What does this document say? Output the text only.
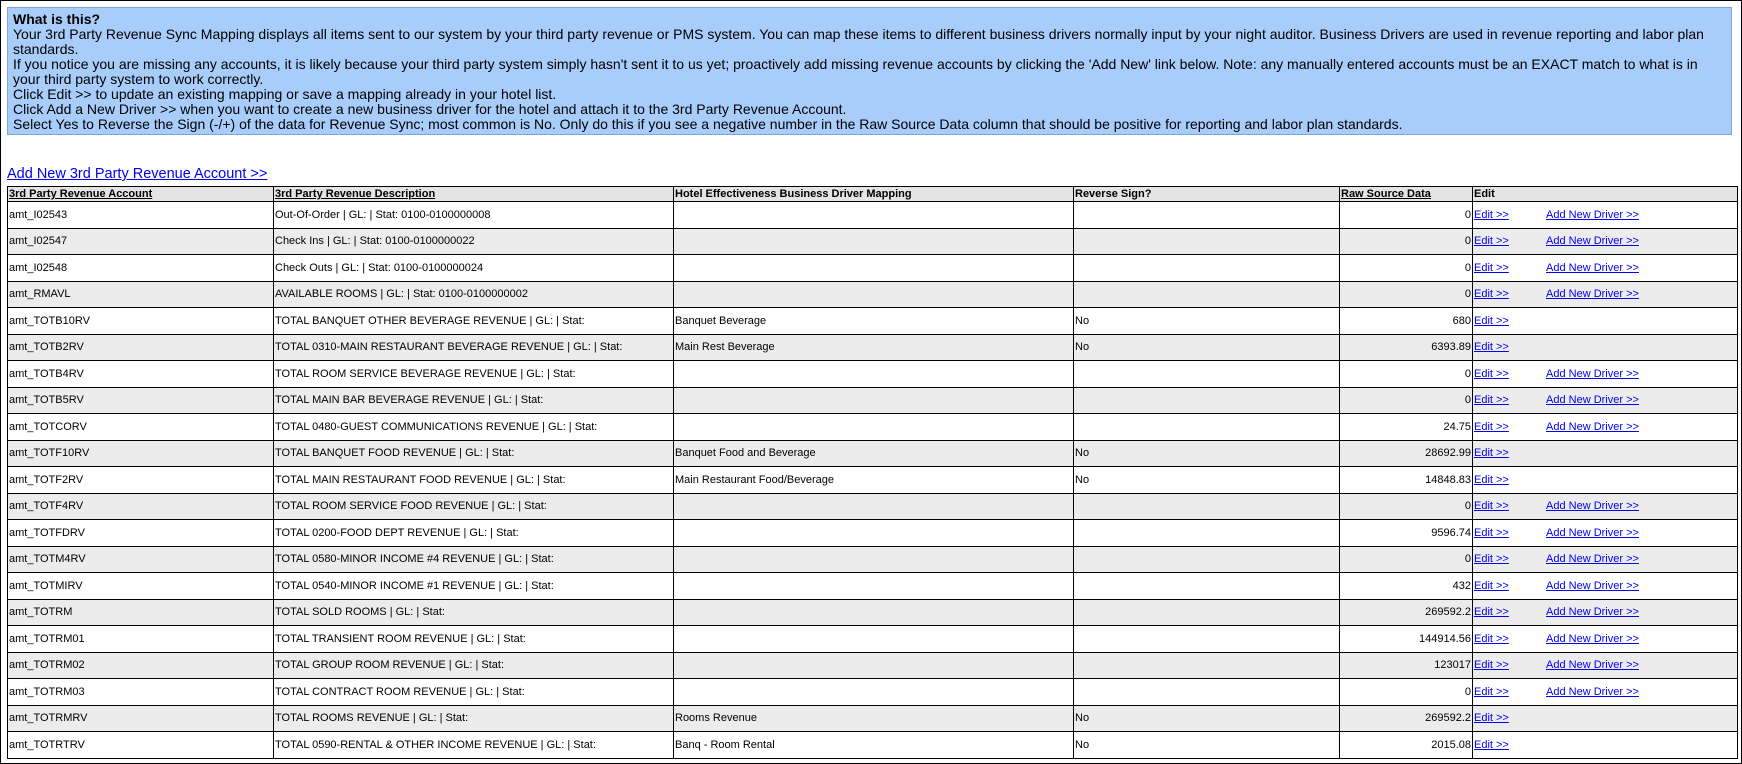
What is this?
Your 3rd Party Revenue Sync Mapping displays all items sent to our system by your third party revenue or PMS system. You can map these items to different business drivers normally input by your night auditor. Business Drivers are used in revenue reporting and labor plan standards.
If you notice you are missing any accounts, it is likely because your third party system simply hasn't sent it to us yet; proactively add missing revenue accounts by clicking the 'Add New' link below. Note: any manually entered accounts must be an EXACT match to what is in your third party system to work correctly.
Click Edit >> to update an existing mapping or save a mapping already in your hotel list.
Click Add a New Driver >> when you want to create a new business driver for the hotel and attach it to the 3rd Party Revenue Account.
Select Yes to Reverse the Sign (-/+) of the data for Revenue Sync; most common is No. Only do this if you see a negative number in the Raw Source Data column that should be positive for reporting and labor plan standards.
Add New 3rd Party Revenue Account >>
3rd Party Revenue Account	3rd Party Revenue Description	Hotel Effectiveness Business Driver Mapping	Reverse Sign?	Raw Source Data	Edit
amt_I02543	Out-Of-Order | GL: | Stat: 0100-0100000008			0	Edit >> Add New Driver >>
amt_I02547	Check Ins | GL: | Stat: 0100-0100000022			0	Edit >> Add New Driver >>
amt_I02548	Check Outs | GL: | Stat: 0100-0100000024			0	Edit >> Add New Driver >>
amt_RMAVL	AVAILABLE ROOMS | GL: | Stat: 0100-0100000002			0	Edit >> Add New Driver >>
amt_TOTB10RV	TOTAL BANQUET OTHER BEVERAGE REVENUE | GL: | Stat:	Banquet Beverage	No	680	Edit >>
amt_TOTB2RV	TOTAL 0310-MAIN RESTAURANT BEVERAGE REVENUE | GL: | Stat:	Main Rest Beverage	No	6393.89	Edit >>
amt_TOTB4RV	TOTAL ROOM SERVICE BEVERAGE REVENUE | GL: | Stat:			0	Edit >> Add New Driver >>
amt_TOTB5RV	TOTAL MAIN BAR BEVERAGE REVENUE | GL: | Stat:			0	Edit >> Add New Driver >>
amt_TOTCORV	TOTAL 0480-GUEST COMMUNICATIONS REVENUE | GL: | Stat:			24.75	Edit >> Add New Driver >>
amt_TOTF10RV	TOTAL BANQUET FOOD REVENUE | GL: | Stat:	Banquet Food and Beverage	No	28692.99	Edit >>
amt_TOTF2RV	TOTAL MAIN RESTAURANT FOOD REVENUE | GL: | Stat:	Main Restaurant Food/Beverage	No	14848.83	Edit >>
amt_TOTF4RV	TOTAL ROOM SERVICE FOOD REVENUE | GL: | Stat:			0	Edit >> Add New Driver >>
amt_TOTFDRV	TOTAL 0200-FOOD DEPT REVENUE | GL: | Stat:			9596.74	Edit >> Add New Driver >>
amt_TOTM4RV	TOTAL 0580-MINOR INCOME #4 REVENUE | GL: | Stat:			0	Edit >> Add New Driver >>
amt_TOTMIRV	TOTAL 0540-MINOR INCOME #1 REVENUE | GL: | Stat:			432	Edit >> Add New Driver >>
amt_TOTRM	TOTAL SOLD ROOMS | GL: | Stat:			269592.2	Edit >> Add New Driver >>
amt_TOTRM01	TOTAL TRANSIENT ROOM REVENUE | GL: | Stat:			144914.56	Edit >> Add New Driver >>
amt_TOTRM02	TOTAL GROUP ROOM REVENUE | GL: | Stat:			123017	Edit >> Add New Driver >>
amt_TOTRM03	TOTAL CONTRACT ROOM REVENUE | GL: | Stat:			0	Edit >> Add New Driver >>
amt_TOTRMRV	TOTAL ROOMS REVENUE | GL: | Stat:	Rooms Revenue	No	269592.2	Edit >>
amt_TOTRTRV	TOTAL 0590-RENTAL & OTHER INCOME REVENUE | GL: | Stat:	Banq - Room Rental	No	2015.08	Edit >>
